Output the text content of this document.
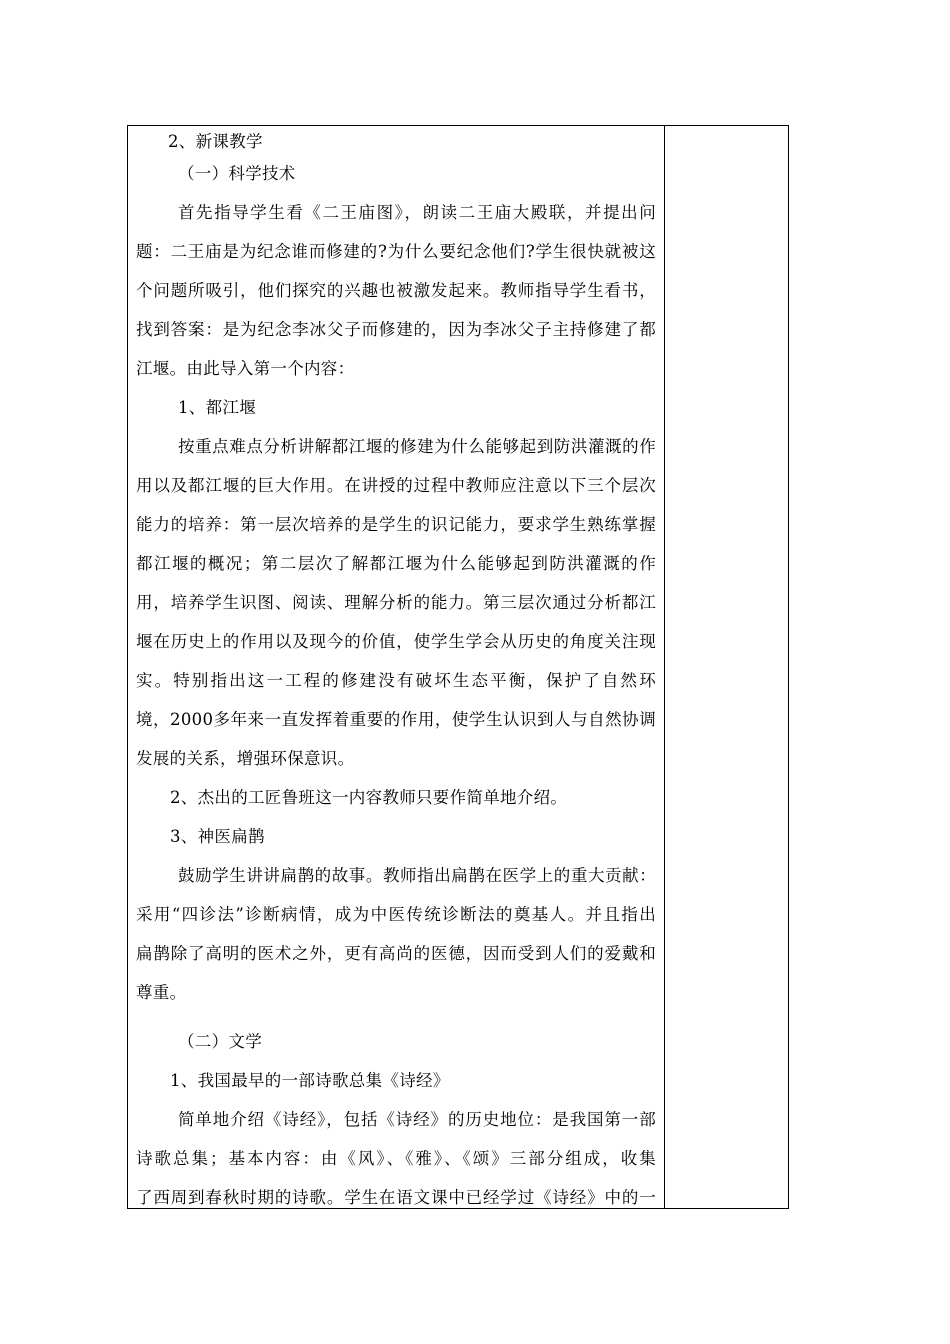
2、新课教学
（一）科学技术
首先指导学生看《二王庙图》，朗读二王庙大殿联，并提出问
题：二王庙是为纪念谁而修建的?为什么要纪念他们?学生很快就被这
个问题所吸引，他们探究的兴趣也被激发起来。教师指导学生看书，
找到答案：是为纪念李冰父子而修建的，因为李冰父子主持修建了都
江堰。由此导入第一个内容：
1、都江堰
按重点难点分析讲解都江堰的修建为什么能够起到防洪灌溉的作
用以及都江堰的巨大作用。在讲授的过程中教师应注意以下三个层次
能力的培养：第一层次培养的是学生的识记能力，要求学生熟练掌握
都江堰的概况；第二层次了解都江堰为什么能够起到防洪灌溉的作
用，培养学生识图、阅读、理解分析的能力。第三层次通过分析都江
堰在历史上的作用以及现今的价值，使学生学会从历史的角度关注现
实。特别指出这一工程的修建没有破坏生态平衡，保护了自然环
境，2000多年来一直发挥着重要的作用，使学生认识到人与自然协调
发展的关系，增强环保意识。
2、杰出的工匠鲁班这一内容教师只要作简单地介绍。
3、神医扁鹊
鼓励学生讲讲扁鹊的故事。教师指出扁鹊在医学上的重大贡献：
采用“四诊法”诊断病情，成为中医传统诊断法的奠基人。并且指出
扁鹊除了高明的医术之外，更有高尚的医德，因而受到人们的爱戴和
尊重。
（二）文学
1、我国最早的一部诗歌总集《诗经》
简单地介绍《诗经》，包括《诗经》的历史地位：是我国第一部
诗歌总集；基本内容：由《风》、《雅》、《颂》三部分组成，收集
了西周到春秋时期的诗歌。学生在语文课中已经学过《诗经》中的一
